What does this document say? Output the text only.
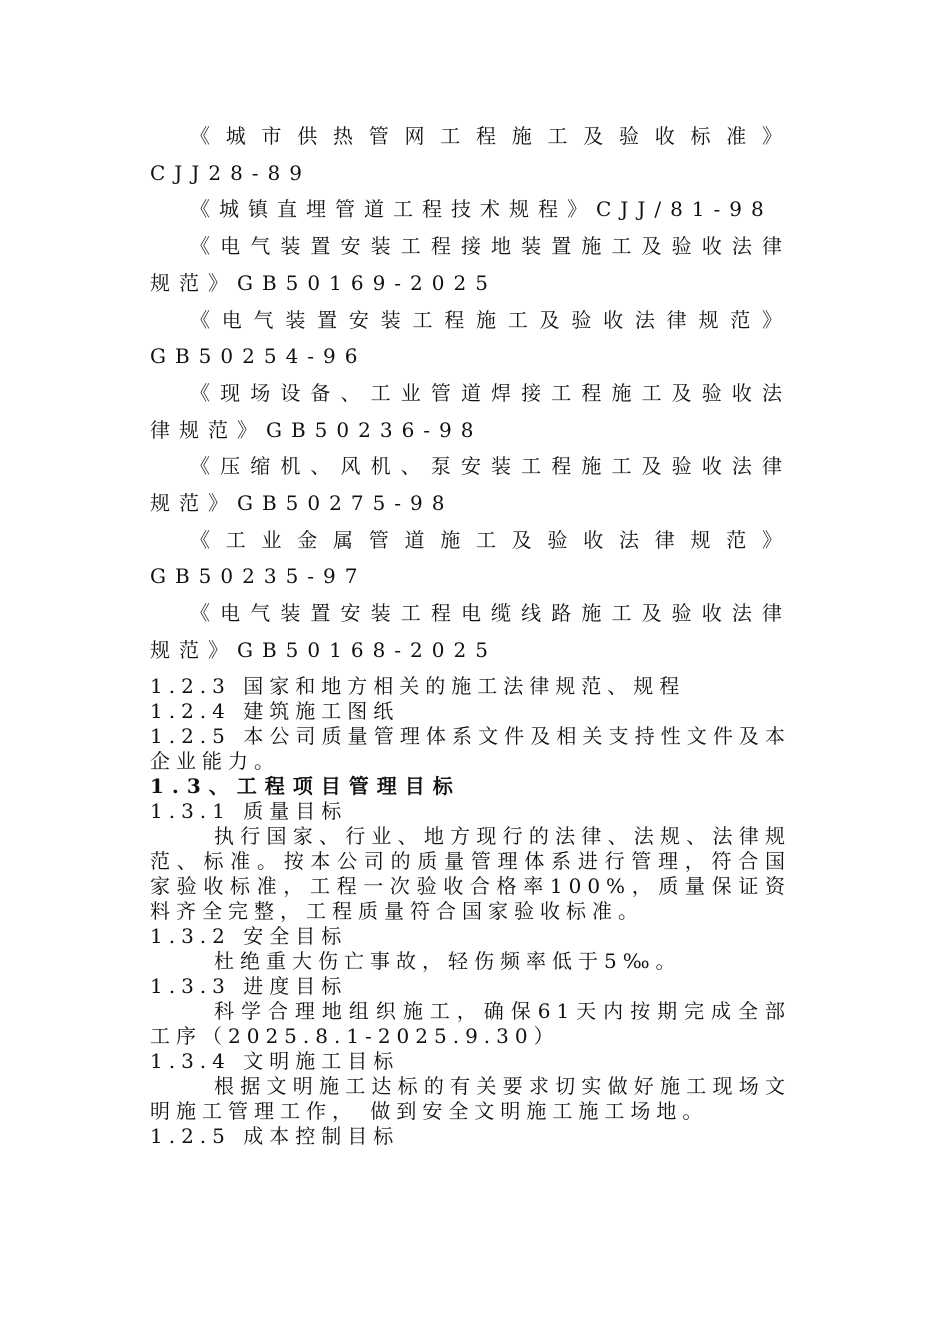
《城市供热管网工程施工及验收标准》CJJ28-89

《城镇直埋管道工程技术规程》CJJ/81-98

《电气装置安装工程接地装置施工及验收法律规范》GB50169-2025

《电气装置安装工程施工及验收法律规范》GB50254-96

《现场设备、工业管道焊接工程施工及验收法律规范》GB50236-98

《压缩机、风机、泵安装工程施工及验收法律规范》GB50275-98

《工业金属管道施工及验收法律规范》GB50235-97

《电气装置安装工程电缆线路施工及验收法律规范》GB50168-2025

1.2.3 国家和地方相关的施工法律规范、规程

1.2.4 建筑施工图纸

1.2.5 本公司质量管理体系文件及相关支持性文件及本企业能力。

1.3、工程项目管理目标

1.3.1 质量目标

执行国家、行业、地方现行的法律、法规、法律规范、标准。按本公司的质量管理体系进行管理，符合国家验收标准，工程一次验收合格率100%，质量保证资料齐全完整，工程质量符合国家验收标准。

1.3.2 安全目标

杜绝重大伤亡事故，轻伤频率低于5‰。

1.3.3 进度目标

科学合理地组织施工，确保61天内按期完成全部工序（2025.8.1-2025.9.30）

1.3.4 文明施工目标

根据文明施工达标的有关要求切实做好施工现场文明施工管理工作， 做到安全文明施工施工场地。

1.2.5 成本控制目标
